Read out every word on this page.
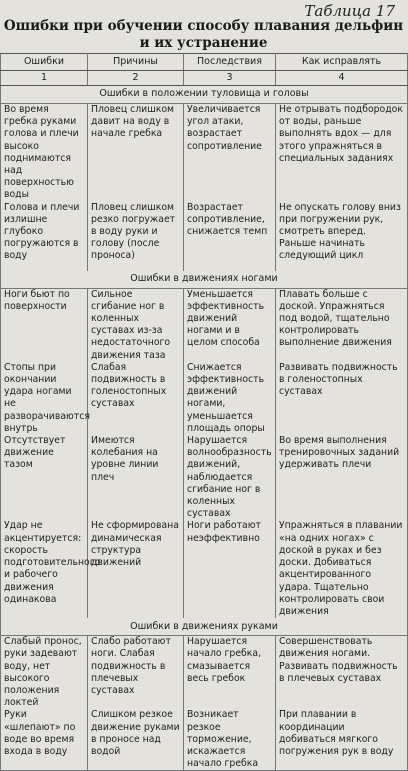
Таблица 17
Ошибки при обучении способу плавания дельфин
и их устранение
Ошибки	Причины	Последствия	Как исправлять
1	2	3	4
Ошибки в положении туловища и головы			
Во время гребка руками голова и плечи высоко поднимаются над поверхностью воды	Пловец слишком давит на воду в начале гребка	Увеличивается угол атаки, возрастает сопротивление	Не отрывать подбородок от воды, раньше выполнять вдох — для этого упражняться в специальных заданиях
Голова и плечи излишне глубоко погружаются в воду	Пловец слишком резко погружает в воду руки и голову (после проноса)	Возрастает сопротивление, снижается темп	Не опускать голову вниз при погружении рук, смотреть вперед. Раньше начинать следующий цикл
Ошибки в движениях ногами			
Ноги бьют по поверхности	Сильное сгибание ног в коленных суставах из-за недостаточного движения таза	Уменьшается эффективность движений ногами и в целом способа	Плавать больше с доской. Упражняться под водой, тщательно контролировать выполнение движения
Стопы при окончании удара ногами не разворачиваются внутрь	Слабая подвижность в голеностопных суставах	Снижается эффективность движений ногами, уменьшается площадь опоры	Развивать подвижность в голеностопных суставах
Отсутствует движение тазом	Имеются колебания на уровне линии плеч	Нарушается волнообразность движений, наблюдается сгибание ног в коленных суставах	Во время выполнения тренировочных заданий удерживать плечи
Удар не акцентируется: скорость подготовительного и рабочего движения одинакова	Не сформирована динамическая структура движений	Ноги работают неэффективно	Упражняться в плавании «на одних ногах» с доской в руках и без доски. Добиваться акцентированного удара. Тщательно контролировать свои движения
Ошибки в движениях руками			
Слабый пронос, руки задевают воду, нет высокого положения локтей	Слабо работают ноги. Слабая подвижность в плечевых суставах	Нарушается начало гребка, смазывается весь гребок	Совершенствовать движения ногами. Развивать подвижность в плечевых суставах
Руки «шлепают» по воде во время входа в воду	Слишком резкое движение руками в проносе над водой	Возникает резкое торможение, искажается начало гребка	При плавании в координации добиваться мягкого погружения рук в воду
